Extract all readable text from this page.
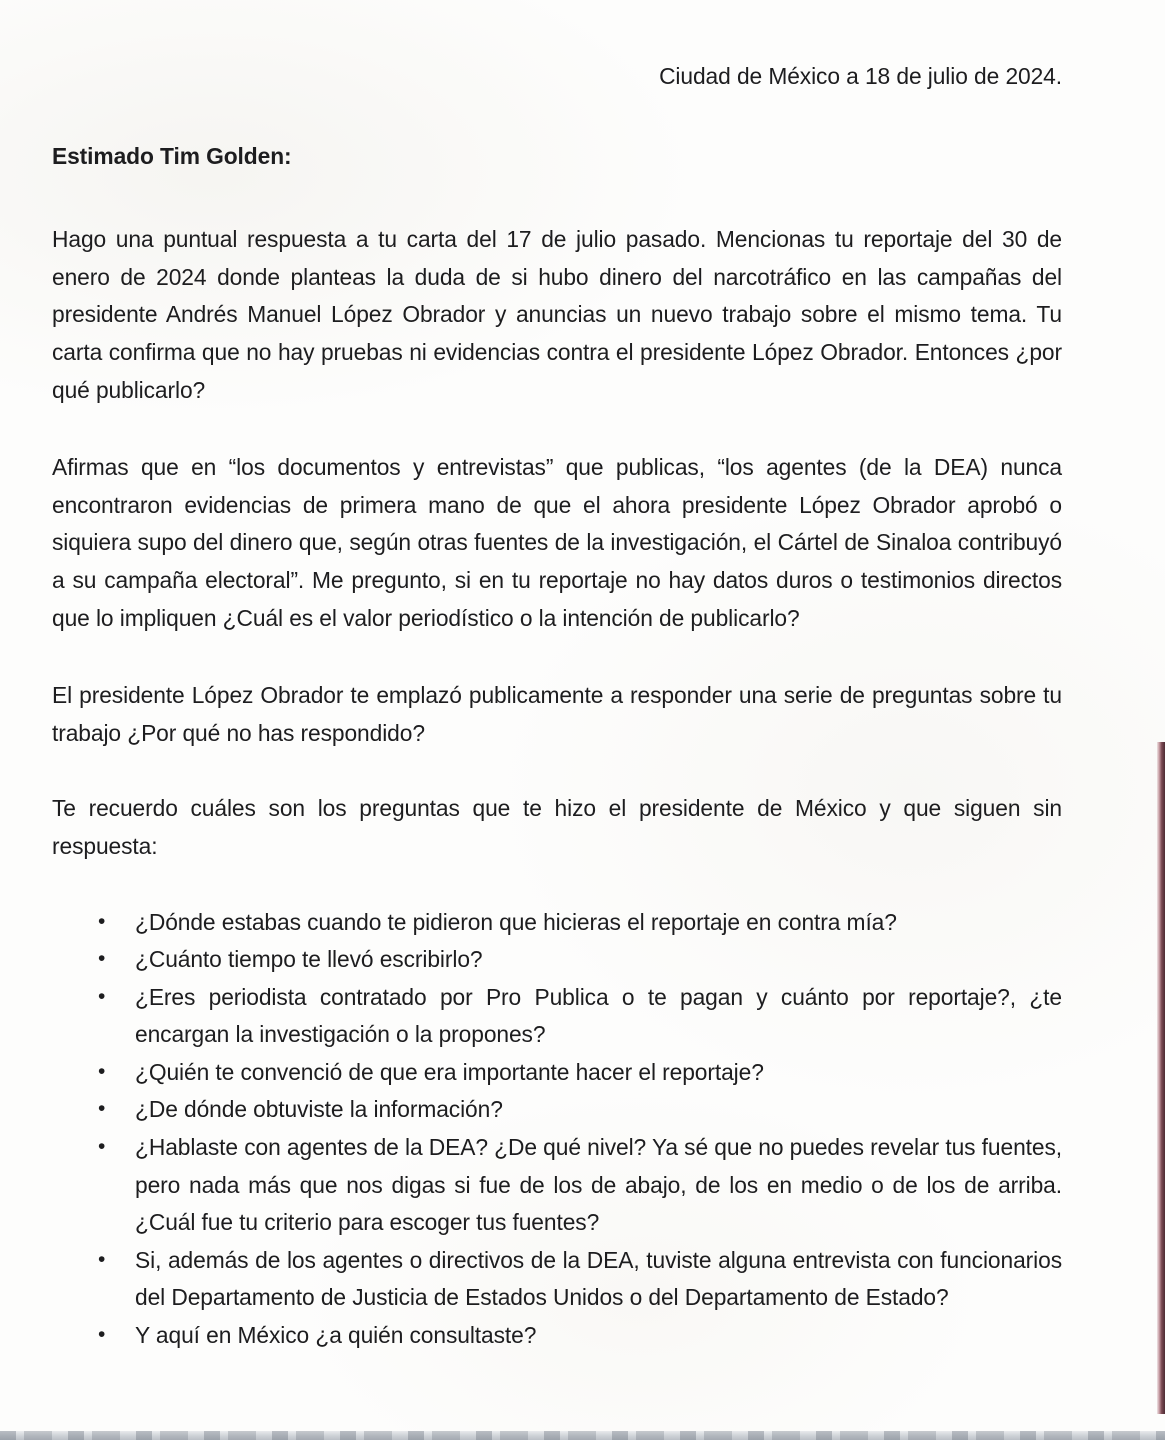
Ciudad de México a 18 de julio de 2024.
Estimado Tim Golden:

Hago una puntual respuesta a tu carta del 17 de julio pasado. Mencionas tu reportaje del 30 de enero de 2024 donde planteas la duda de si hubo dinero del narcotráfico en las campañas del presidente Andrés Manuel López Obrador y anuncias un nuevo trabajo sobre el mismo tema. Tu carta confirma que no hay pruebas ni evidencias contra el presidente López Obrador. Entonces ¿por qué publicarlo?

Afirmas que en “los documentos y entrevistas” que publicas, “los agentes (de la DEA) nunca encontraron evidencias de primera mano de que el ahora presidente López Obrador aprobó o siquiera supo del dinero que, según otras fuentes de la investigación, el Cártel de Sinaloa contribuyó a su campaña electoral”. Me pregunto, si en tu reportaje no hay datos duros o testimonios directos que lo impliquen ¿Cuál es el valor periodístico o la intención de publicarlo?

El presidente López Obrador te emplazó publicamente a responder una serie de preguntas sobre tu trabajo ¿Por qué no has respondido?

Te recuerdo cuáles son los preguntas que te hizo el presidente de México y que siguen sin respuesta:

• ¿Dónde estabas cuando te pidieron que hicieras el reportaje en contra mía?
• ¿Cuánto tiempo te llevó escribirlo?
• ¿Eres periodista contratado por Pro Publica o te pagan y cuánto por reportaje?, ¿te encargan la investigación o la propones?
• ¿Quién te convenció de que era importante hacer el reportaje?
• ¿De dónde obtuviste la información?
• ¿Hablaste con agentes de la DEA? ¿De qué nivel? Ya sé que no puedes revelar tus fuentes, pero nada más que nos digas si fue de los de abajo, de los en medio o de los de arriba. ¿Cuál fue tu criterio para escoger tus fuentes?
• Si, además de los agentes o directivos de la DEA, tuviste alguna entrevista con funcionarios del Departamento de Justicia de Estados Unidos o del Departamento de Estado?
• Y aquí en México ¿a quién consultaste?
